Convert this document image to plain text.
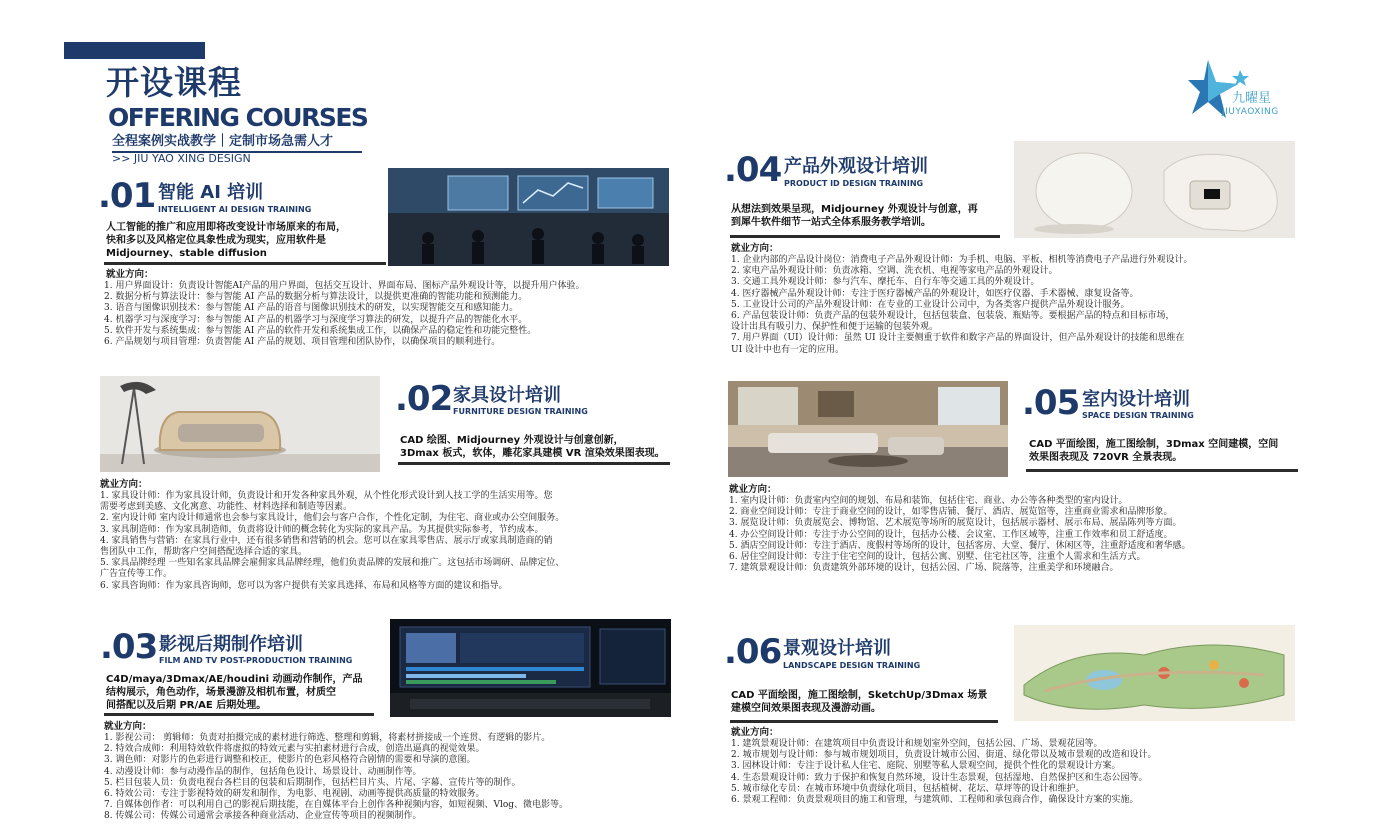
开设课程
OFFERING COURSES
全程案例实战教学｜定制市场急需人才
>> JIU YAO XING DESIGN
九曜星
JIUYAOXING
.01 智能 AI 培训
INTELLIGENT AI DESIGN TRAINING
人工智能的推广和应用即将改变设计市场原来的布局，
快和多以及风格定位具象性成为现实，应用软件是
Midjourney、stable diffusion
就业方向：
1. 用户界面设计：负责设计智能AI产品的用户界面，包括交互设计、界面布局、图标产品外观设计等，以提升用户体验。
2. 数据分析与算法设计：参与智能 AI 产品的数据分析与算法设计，以提供更准确的智能功能和预测能力。
3. 语音与图像识别技术：参与智能 AI 产品的语音与图像识别技术的研发，以实现智能交互和感知能力。
4. 机器学习与深度学习：参与智能 AI 产品的机器学习与深度学习算法的研发，以提升产品的智能化水平。
5. 软件开发与系统集成：参与智能 AI 产品的软件开发和系统集成工作，以确保产品的稳定性和功能完整性。
6. 产品规划与项目管理：负责智能 AI 产品的规划、项目管理和团队协作，以确保项目的顺利进行。
.02 家具设计培训
FURNITURE DESIGN TRAINING
CAD 绘图、Midjourney 外观设计与创意创新，
3Dmax 板式，软体，雕花家具建模 VR 渲染效果图表现。
就业方向：
1. 家具设计师：作为家具设计师，负责设计和开发各种家具外观，从个性化形式设计到人技工学的生活实用等。您
需要考虑到美感、文化寓意、功能性、材料选择和制造等因素。
2. 室内设计师 室内设计师通常也会参与家具设计，他们会与客户合作，个性化定制，为住宅、商业或办公空间服务。
3. 家具制造师：作为家具制造师，负责将设计师的概念转化为实际的家具产品。为其提供实际参考，节约成本。
4. 家具销售与营销：在家具行业中，还有很多销售和营销的机会。您可以在家具零售店、展示厅或家具制造商的销
售团队中工作，帮助客户空间搭配选择合适的家具。
5. 家具品牌经理 一些知名家具品牌会雇佣家具品牌经理，他们负责品牌的发展和推广。这包括市场调研、品牌定位、
广告宣传等工作。
6. 家具咨询师：作为家具咨询师，您可以为客户提供有关家具选择、布局和风格等方面的建议和指导。
.03 影视后期制作培训
FILM AND TV POST-PRODUCTION TRAINING
C4D/maya/3Dmax/AE/houdini 动画动作制作，产品
结构展示，角色动作，场景漫游及相机布置，材质空
间搭配以及后期 PR/AE 后期处理。
就业方向：
1. 影视公司： 剪辑师：负责对拍摄完成的素材进行筛选、整理和剪辑，将素材拼接成一个连贯、有逻辑的影片。
2. 特效合成师：利用特效软件将虚拟的特效元素与实拍素材进行合成，创造出逼真的视觉效果。
3. 调色师：对影片的色彩进行调整和校正，使影片的色彩风格符合剧情的需要和导演的意图。
4. 动漫设计师：参与动漫作品的制作，包括角色设计、场景设计、动画制作等。
5. 栏目包装人员：负责电视台各栏目的包装和后期制作，包括栏目片头、片尾、字幕、宣传片等的制作。
6. 特效公司：专注于影视特效的研发和制作，为电影、电视剧、动画等提供高质量的特效服务。
7. 自媒体创作者：可以利用自己的影视后期技能，在自媒体平台上创作各种视频内容，如短视频、Vlog、微电影等。
8. 传媒公司：传媒公司通常会承接各种商业活动、企业宣传等项目的视频制作。
.04 产品外观设计培训
PRODUCT ID DESIGN TRAINING
从想法到效果呈现，Midjourney 外观设计与创意，再
到犀牛软件细节一站式全体系服务教学培训。
就业方向：
1. 企业内部的产品设计岗位：消费电子产品外观设计师：为手机、电脑、平板、相机等消费电子产品进行外观设计。
2. 家电产品外观设计师：负责冰箱、空调、洗衣机、电视等家电产品的外观设计。
3. 交通工具外观设计师：参与汽车、摩托车、自行车等交通工具的外观设计。
4. 医疗器械产品外观设计师：专注于医疗器械产品的外观设计，如医疗仪器、手术器械、康复设备等。
5. 工业设计公司的产品外观设计师：在专业的工业设计公司中，为各类客户提供产品外观设计服务。
6. 产品包装设计师：负责产品的包装外观设计，包括包装盒、包装袋、瓶贴等。要根据产品的特点和目标市场，
设计出具有吸引力、保护性和便于运输的包装外观。
7. 用户界面（UI）设计师：虽然 UI 设计主要侧重于软件和数字产品的界面设计，但产品外观设计的技能和思维在
UI 设计中也有一定的应用。
.05 室内设计培训
SPACE DESIGN TRAINING
CAD 平面绘图，施工图绘制，3Dmax 空间建模，空间
效果图表现及 720VR 全景表现。
就业方向：
1. 室内设计师：负责室内空间的规划、布局和装饰，包括住宅、商业、办公等各种类型的室内设计。
2. 商业空间设计师：专注于商业空间的设计，如零售店铺、餐厅、酒店、展览馆等，注重商业需求和品牌形象。
3. 展览设计师：负责展览会、博物馆、艺术展览等场所的展览设计，包括展示器材、展示布局、展品陈列等方面。
4. 办公空间设计师：专注于办公空间的设计，包括办公楼、会议室、工作区域等，注重工作效率和员工舒适度。
5. 酒店空间设计师：专注于酒店、度假村等场所的设计，包括客房、大堂、餐厅、休闲区等，注重舒适度和奢华感。
6. 居住空间设计师：专注于住宅空间的设计，包括公寓、别墅、住宅社区等，注重个人需求和生活方式。
7. 建筑景观设计师：负责建筑外部环境的设计，包括公园、广场、院落等，注重美学和环境融合。
.06 景观设计培训
LANDSCAPE DESIGN TRAINING
CAD 平面绘图，施工图绘制，SketchUp/3Dmax 场景
建模空间效果图表现及漫游动画。
就业方向：
1. 建筑景观设计师：在建筑项目中负责设计和规划室外空间，包括公园、广场、景观花园等。
2. 城市规划与设计师：参与城市规划项目，负责设计城市公园、街道、绿化带以及城市景观的改造和设计。
3. 园林设计师：专注于设计私人住宅、庭院、别墅等私人景观空间，提供个性化的景观设计方案。
4. 生态景观设计师：致力于保护和恢复自然环境，设计生态景观，包括湿地、自然保护区和生态公园等。
5. 城市绿化专员：在城市环境中负责绿化项目，包括植树、花坛、草坪等的设计和维护。
6. 景观工程师：负责景观项目的施工和管理，与建筑师、工程师和承包商合作，确保设计方案的实施。
